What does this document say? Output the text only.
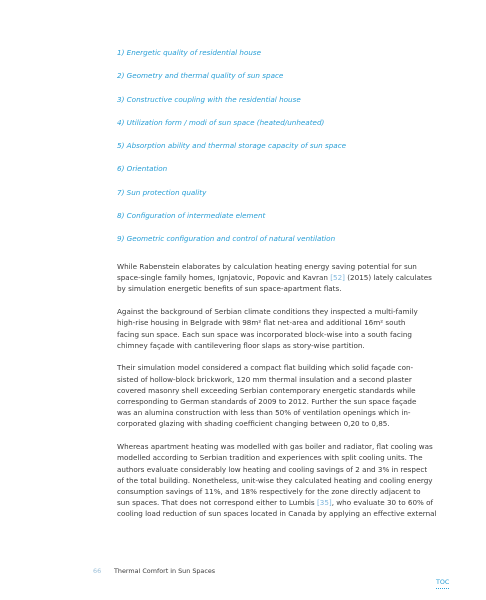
1) Energetic quality of residential house
2) Geometry and thermal quality of sun space
3) Constructive coupling with the residential house
4) Utilization form / modi of sun space (heated/unheated)
5) Absorption ability and thermal storage capacity of sun space
6) Orientation
7) Sun protection quality
8) Configuration of intermediate element
9) Geometric configuration and control of natural ventilation

While Rabenstein elaborates by calculation heating energy saving potential for sun
space-single family homes, Ignjatovic, Popovic and Kavran [52] (2015) lately calculates
by simulation energetic benefits of sun space-apartment flats.

Against the background of Serbian climate conditions they inspected a multi-family
high-rise housing in Belgrade with 98m² flat net-area and additional 16m² south
facing sun space. Each sun space was incorporated block-wise into a south facing
chimney façade with cantilevering floor slaps as story-wise partition.

Their simulation model considered a compact flat building which solid façade con-
sisted of hollow-block brickwork, 120 mm thermal insulation and a second plaster
covered masonry shell exceeding Serbian contemporary energetic standards while
corresponding to German standards of 2009 to 2012. Further the sun space façade
was an alumina construction with less than 50% of ventilation openings which in-
corporated glazing with shading coefficient changing between 0,20 to 0,85.

Whereas apartment heating was modelled with gas boiler and radiator, flat cooling was
modelled according to Serbian tradition and experiences with split cooling units. The
authors evaluate considerably low heating and cooling savings of 2 and 3% in respect
of the total building. Nonetheless, unit-wise they calculated heating and cooling energy
consumption savings of 11%, and 18% respectively for the zone directly adjacent to
sun spaces. That does not correspond either to Lumbis [35], who evaluate 30 to 60% of
cooling load reduction of sun spaces located in Canada by applying an effective external

66 Thermal Comfort in Sun Spaces
TOC
